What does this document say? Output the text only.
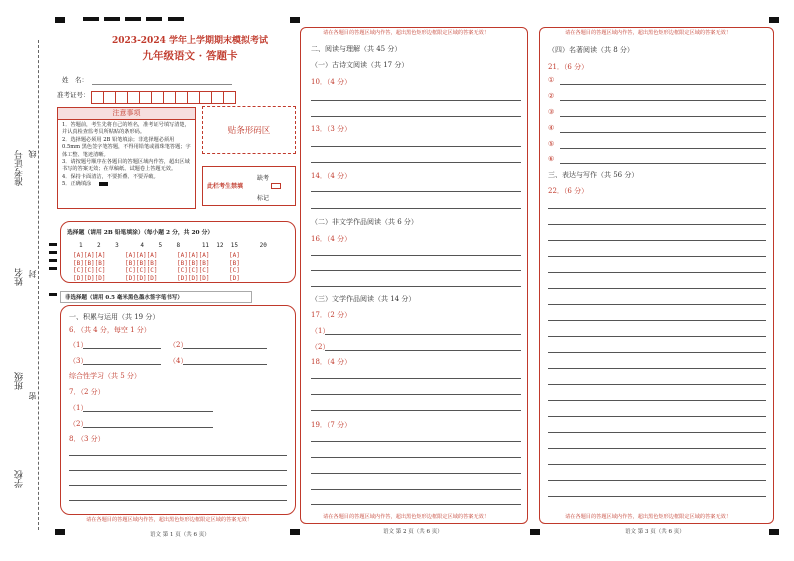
准考证号 线
姓名 封
班级
密
学校
2023-2024 学年上学期期末模拟考试
九年级语文 · 答题卡
姓　名：
准考证号：
注意事项
1．答题前，考生先将自己的姓名，准考证号填写清楚，并认真检查监考员所粘贴的条形码。
2．选择题必须用 2B 铅笔填涂；非选择题必须用 0.5mm 黑色签字笔答题，不得用铅笔或圆珠笔答题；字体工整、笔迹清晰。
3．请按题号顺序在各题目的答题区域内作答，超出区域书写的答案无效；在草稿纸、试题卷上答题无效。
4．保持卡面清洁，不要折叠、不要弄破。
5．正确填涂
贴条形码区
此栏考生禁填
缺考
标记
选择题（请用 2B 铅笔填涂）（每小题 2 分，共 20 分）
1    2    3      4    5    8      11  12  15      20
[A][A][A]
[B][B][B]
[C][C][C]
[D][D][D]
[A][A][A]
[B][B][B]
[C][C][C]
[D][D][D]
[A][A][A]
[B][B][B]
[C][C][C]
[D][D][D]
[A]
[B]
[C]
[D]
非选择题（请用 0.5 毫米黑色墨水签字笔书写）
一、积累与运用（共 19 分）
6．（共 4 分，每空 1 分）
（1）	（2）
（3）	（4）
综合性学习（共 5 分）
7．（2 分）
（1）
（2）
8．（3 分）
请在各题目的答题区域内作答，超出黑色矩形边框限定区域的答案无效！
语文 第 1 页（共 6 页）
请在各题目的答题区域内作答，超出黑色矩形边框限定区域的答案无效！
二、阅读与理解（共 45 分）
（一）古诗文阅读（共 17 分）
10．（4 分）
13．（3 分）
14．（4 分）
（二）非文学作品阅读（共 6 分）
16．（4 分）
（三）文学作品阅读（共 14 分）
17．（2 分）
（1）
（2）
18．（4 分）
19．（7 分）
请在各题目的答题区域内作答，超出黑色矩形边框限定区域的答案无效！
语文 第 2 页（共 6 页）
请在各题目的答题区域内作答，超出黑色矩形边框限定区域的答案无效！
（四）名著阅读（共 8 分）
21．（6 分）
①
②
③
④
⑤
⑥
三、表达与写作（共 56 分）
22．（6 分）
请在各题目的答题区域内作答，超出黑色矩形边框限定区域的答案无效！
语文 第 3 页（共 6 页）
